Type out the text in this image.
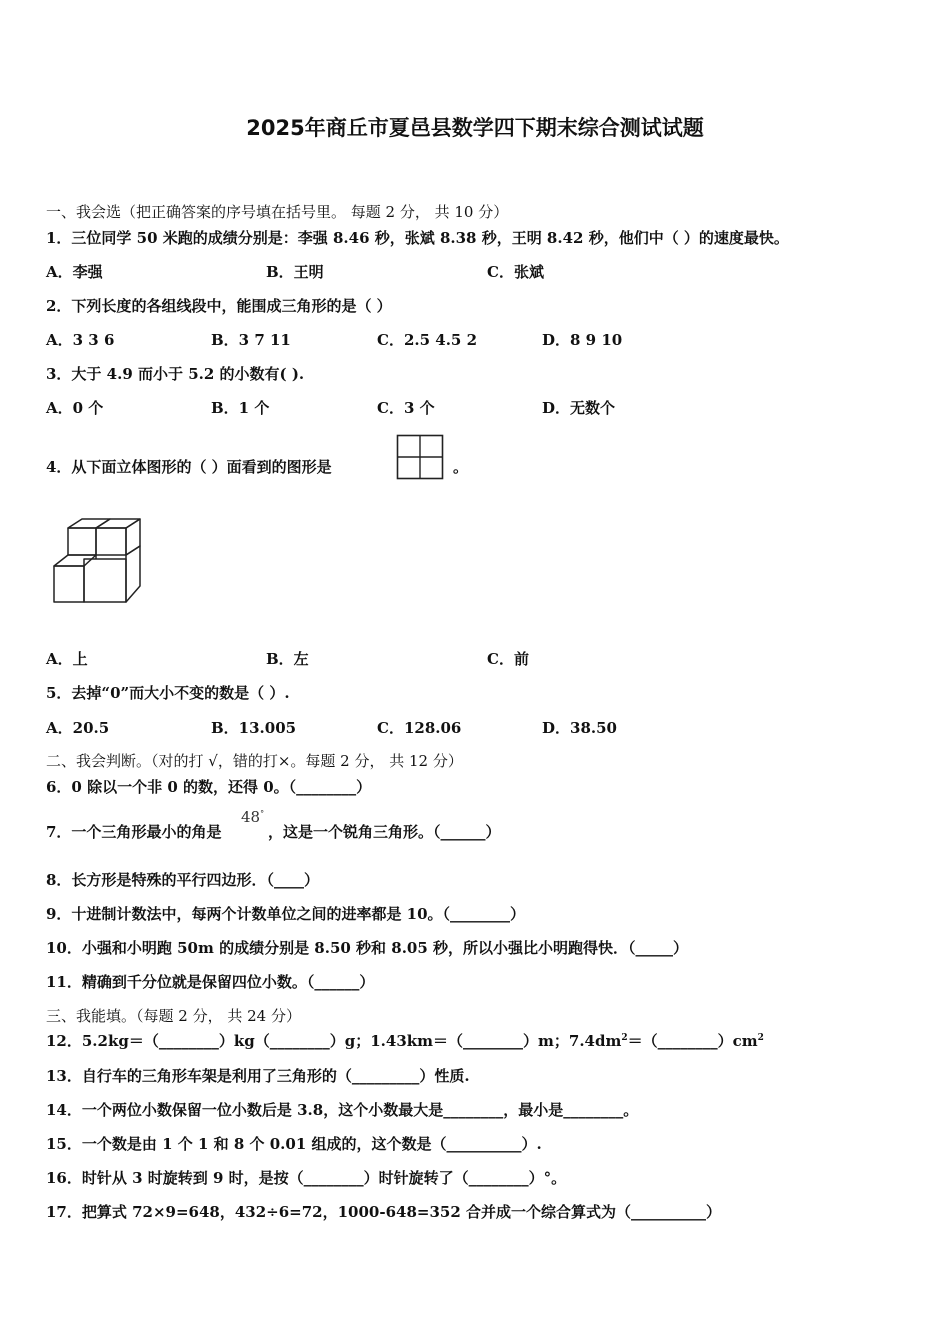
2025年商丘市夏邑县数学四下期末综合测试试题
一、我会选（把正确答案的序号填在括号里。 每题 2 分， 共 10 分）
1．三位同学 50 米跑的成绩分别是：李强 8.46 秒，张斌 8.38 秒，王明 8.42 秒，他们中（ ）的速度最快。
A．李强	B．王明	C．张斌
2．下列长度的各组线段中，能围成三角形的是（ ）
A．3 3 6	B．3 7 11	C．2.5 4.5 2	D．8 9 10
3．大于 4.9 而小于 5.2 的小数有( ).
A．0 个	B．1 个	C．3 个	D．无数个
4．从下面立体图形的（ ）面看到的图形是	。
A．上	B．左	C．前
5．去掉“0”而大小不变的数是（ ）.
A．20.5	B．13.005	C．128.06	D．38.50
二、我会判断。（对的打 √，错的打×。每题 2 分， 共 12 分）
6．0 除以一个非 0 的数，还得 0。（________）
7．一个三角形最小的角是
48°
，这是一个锐角三角形。（______）
8．长方形是特殊的平行四边形．（____）
9．十进制计数法中，每两个计数单位之间的进率都是 10。（________）
10．小强和小明跑 50m 的成绩分别是 8.50 秒和 8.05 秒，所以小强比小明跑得快．（_____）
11．精确到千分位就是保留四位小数。（______）
三、我能填。（每题 2 分， 共 24 分）
12．5.2kg＝（________）kg（________）g；1.43km＝（________）m；$7.4dm^2=(\_\_\_\_\_\_\_\_)cm^2$
13．自行车的三角形车架是利用了三角形的（_________）性质.
14．一个两位小数保留一位小数后是 3.8，这个小数最大是________，最小是________。
15．一个数是由 1 个 1 和 8 个 0.01 组成的，这个数是（__________）.
16．时针从 3 时旋转到 9 时，是按（________）时针旋转了（________）°。
17．把算式 72×9=648，432÷6=72，1000-648=352 合并成一个综合算式为（__________）
